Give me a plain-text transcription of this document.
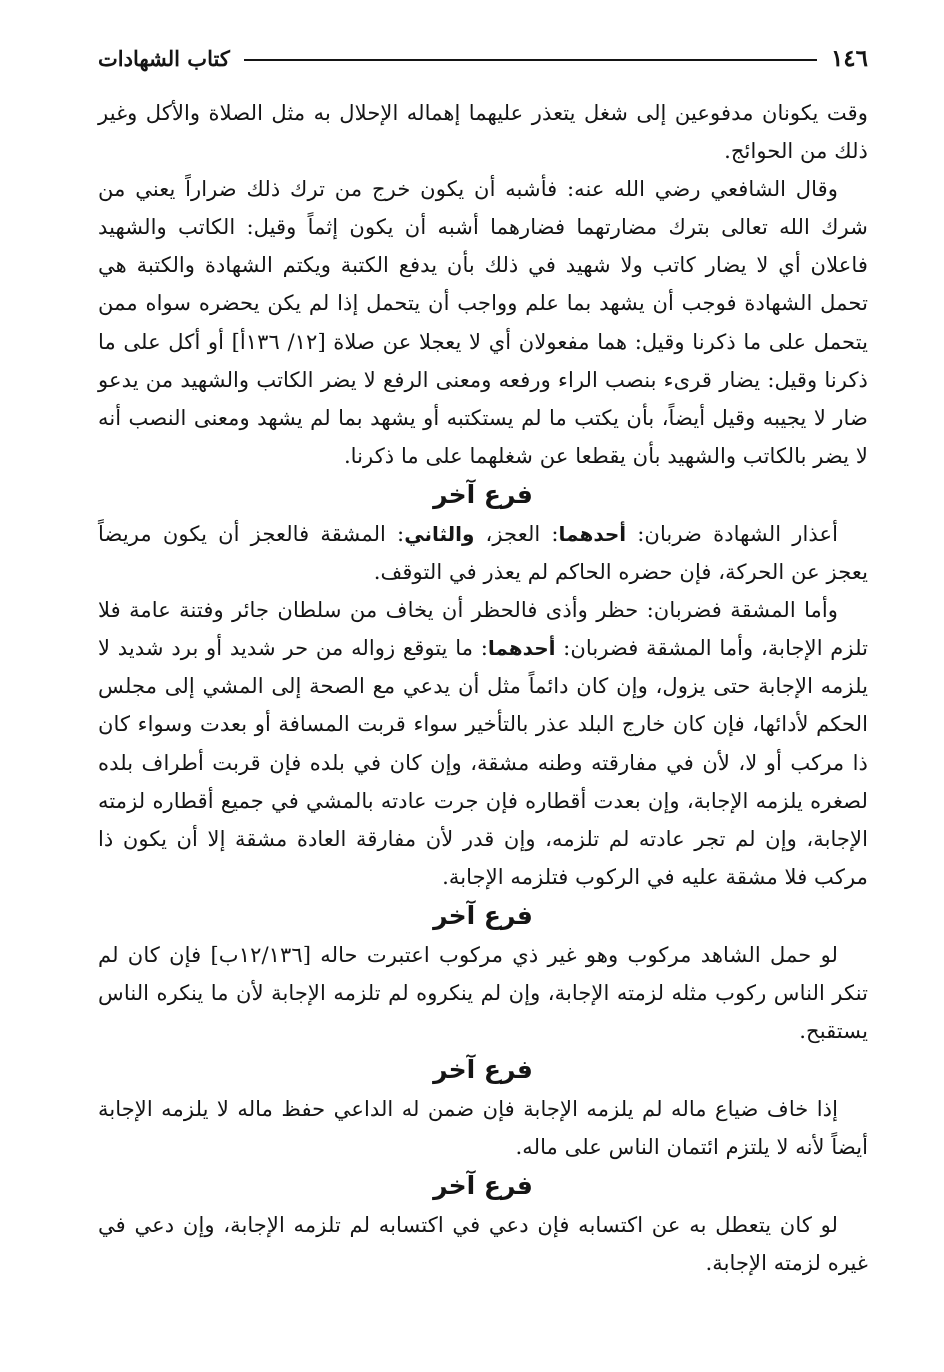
١٤٦
كتاب الشهادات

وقت يكونان مدفوعين إلى شغل يتعذر عليهما إهماله الإحلال به مثل الصلاة والأكل وغير ذلك من الحوائج.

وقال الشافعي رضي الله عنه: فأشبه أن يكون خرج من ترك ذلك ضراراً يعني من شرك الله تعالى بترك مضارتهما فضارهما أشبه أن يكون إثماً وقيل: الكاتب والشهيد فاعلان أي لا يضار كاتب ولا شهيد في ذلك بأن يدفع الكتبة ويكتم الشهادة والكتبة هي تحمل الشهادة فوجب أن يشهد بما علم وواجب أن يتحمل إذا لم يكن يحضره سواه ممن يتحمل على ما ذكرنا وقيل: هما مفعولان أي لا يعجلا عن صلاة [١٢/ ١٣٦أ] أو أكل على ما ذكرنا وقيل: يضار قرىء بنصب الراء ورفعه ومعنى الرفع لا يضر الكاتب والشهيد من يدعو ضار لا يجيبه وقيل أيضاً، بأن يكتب ما لم يستكتبه أو يشهد بما لم يشهد ومعنى النصب أنه لا يضر بالكاتب والشهيد بأن يقطعا عن شغلهما على ما ذكرنا.

فرع آخر

أعذار الشهادة ضربان: أحدهما: العجز، والثاني: المشقة فالعجز أن يكون مريضاً يعجز عن الحركة، فإن حضره الحاكم لم يعذر في التوقف.

وأما المشقة فضربان: حظر وأذى فالحظر أن يخاف من سلطان جائر وفتنة عامة فلا تلزم الإجابة، وأما المشقة فضربان: أحدهما: ما يتوقع زواله من حر شديد أو برد شديد لا يلزمه الإجابة حتى يزول، وإن كان دائماً مثل أن يدعي مع الصحة إلى المشي إلى مجلس الحكم لأدائها، فإن كان خارج البلد عذر بالتأخير سواء قربت المسافة أو بعدت وسواء كان ذا مركب أو لا، لأن في مفارقته وطنه مشقة، وإن كان في بلده فإن قربت أطراف بلده لصغره يلزمه الإجابة، وإن بعدت أقطاره فإن جرت عادته بالمشي في جميع أقطاره لزمته الإجابة، وإن لم تجر عادته لم تلزمه، وإن قدر لأن مفارقة العادة مشقة إلا أن يكون ذا مركب فلا مشقة عليه في الركوب فتلزمه الإجابة.

فرع آخر

لو حمل الشاهد مركوب وهو غير ذي مركوب اعتبرت حاله [١٢/١٣٦ب] فإن كان لم تنكر الناس ركوب مثله لزمته الإجابة، وإن لم ينكروه لم تلزمه الإجابة لأن ما ينكره الناس يستقبح.

فرع آخر

إذا خاف ضياع ماله لم يلزمه الإجابة فإن ضمن له الداعي حفظ ماله لا يلزمه الإجابة أيضاً لأنه لا يلتزم ائتمان الناس على ماله.

فرع آخر

لو كان يتعطل به عن اكتسابه فإن دعي في اكتسابه لم تلزمه الإجابة، وإن دعي في غيره لزمته الإجابة.
